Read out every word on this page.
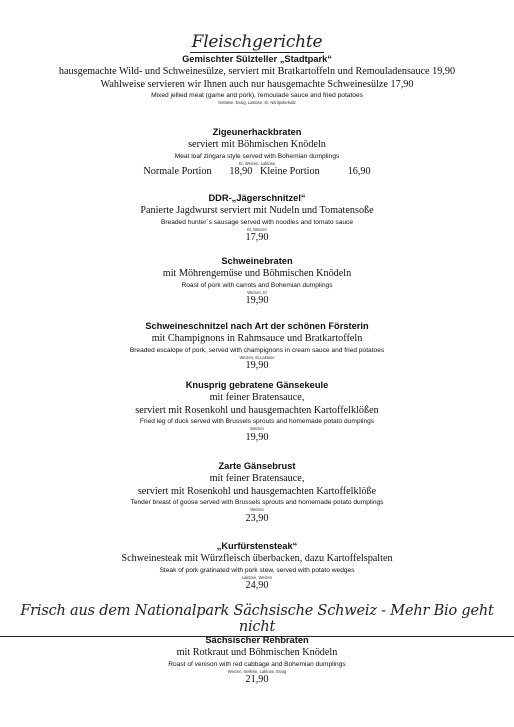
Fleischgerichte
Gemischter Sülzteller „Stadtpark“
hausgemachte Wild- und Schweinesülze, serviert mit Bratkartoffeln und Remouladensauce 19,90
Wahlweise servieren wir Ihnen auch nur hausgemachte Schweinesülze 17,90
Mixed jellied meat (game and pork), remoulade sauce and fried potatoes
Gelatine, Essig, Laktose, Ei, Nitritpökelsalz
Zigeunerhackbraten
serviert mit Böhmischen Knödeln
Meat loaf zingara style served with Bohemian dumplings
Ei, Weizen, Laktose
Normale Portion 18,90 Kleine Portion	16,90
DDR-„Jägerschnitzel“
Panierte Jagdwurst serviert mit Nudeln und Tomatensoße
Breaded hunter´s sausage served with noodles and tomato sauce
Ei, Weizen
17,90
Schweinebraten
mit Möhrengemüse und Böhmischen Knödeln
Roast of pork with carrots and Bohemian dumplings
Weizen, Ei
19,90
Schweineschnitzel nach Art der schönen Försterin
mit Champignons in Rahmsauce und Bratkartoffeln
Breaded escalope of pork, served with champignons in cream sauce and fried potatoes
Weizen, Ei,Laktose
19,90
Knusprig gebratene Gänsekeule
mit feiner Bratensauce,
serviert mit Rosenkohl und hausgemachten Kartoffelklößen
Fried leg of duck served with Brussels sprouts and homemade potato dumplings
Weizen
19,90
Zarte Gänsebrust
mit feiner Bratensauce,
serviert mit Rosenkohl und hausgemachten Kartoffelklöße
Tender breast of goose served with Brussels sprouts and homemade potato dumplings
Weizen
23,90
„Kurfürstensteak“
Schweinesteak mit Würzfleisch überbacken, dazu Kartoffelspalten
Steak of pork gratinated with pork stew, served with potato wedges
Laktose, Weizen
24,90
Frisch aus dem Nationalpark Sächsische Schweiz - Mehr Bio geht nicht
Sächsischer Rehbraten
mit Rotkraut und Böhmischen Knödeln
Roast of venison with red cabbage and Bohemian dumplings
Weizen, Sellerie, Laktose, Essig
21,90
